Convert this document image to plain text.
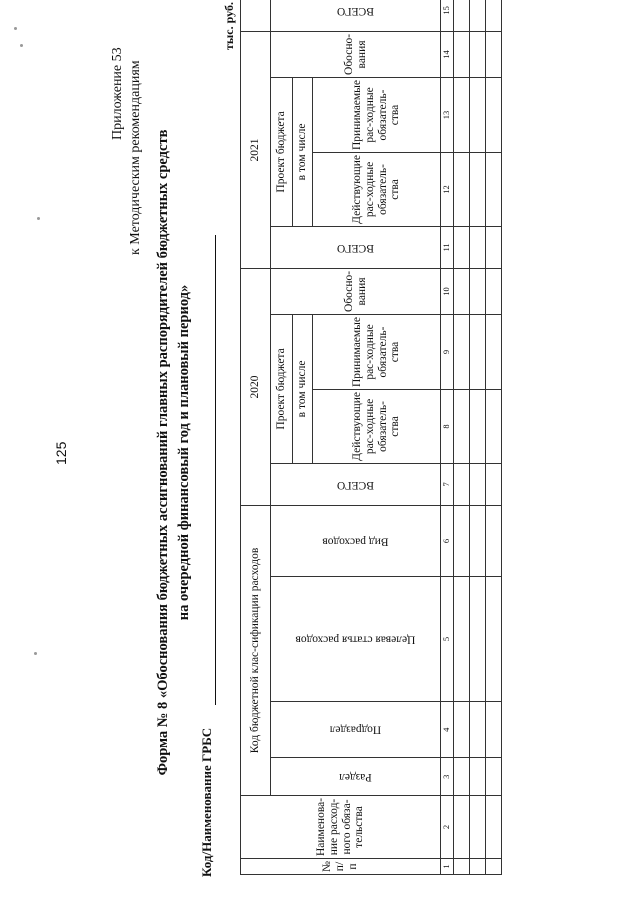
Приложение 53 к Методическим рекомендациям
125	Форма № 8 «Обоснования бюджетных ассигнований главных распорядителей бюджетных средств на очередной финансовый год и плановый период»
Код/Наименование ГРБС
тыс. руб.
№ п/п	Наименова-ние расход-ного обяза-тельства	Код бюджетной клас-сификации расходов				2020				2021	
		Раздел	Подраздел	Целевая статья расходов	Вид расходов	ВСЕГО	Проект бюджета		Обосно-вания	ВСЕГО	Проект бюджета		Обосно-вания	ВСЕГО		
							в том числе				в том числе	
							Действующие рас-ходные обязатель-ства	Принимаемые рас-ходные обязатель-ства			Действующие рас-ходные обязатель-ства	Принимаемые рас-ходные обязатель-ства		
1	2	3	4	5	6	7	8	9	10	11	12	13	14	15			
